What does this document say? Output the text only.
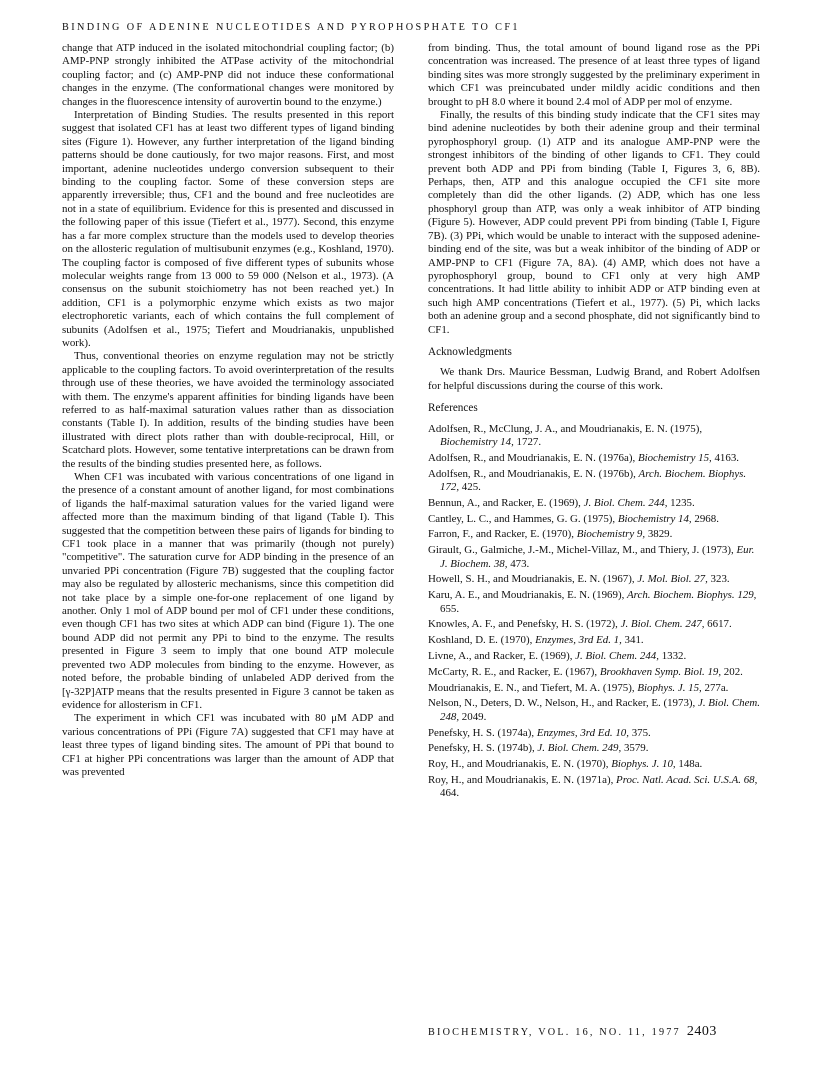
BINDING OF ADENINE NUCLEOTIDES AND PYROPHOSPHATE TO CF1

change that ATP induced in the isolated mitochondrial coupling factor; (b) AMP-PNP strongly inhibited the ATPase activity of the mitochondrial coupling factor; and (c) AMP-PNP did not induce these conformational changes in the enzyme. (The conformational changes were monitored by changes in the fluorescence intensity of aurovertin bound to the enzyme.)

Interpretation of Binding Studies. The results presented in this report suggest that isolated CF1 has at least two different types of ligand binding sites (Figure 1). However, any further interpretation of the ligand binding patterns should be done cautiously, for two major reasons. First, and most important, adenine nucleotides undergo conversion subsequent to their binding to the coupling factor. Some of these conversion steps are apparently irreversible; thus, CF1 and the bound and free nucleotides are not in a state of equilibrium. Evidence for this is presented and discussed in the following paper of this issue (Tiefert et al., 1977). Second, this enzyme has a far more complex structure than the models used to develop theories on the allosteric regulation of multisubunit enzymes (e.g., Koshland, 1970). The coupling factor is composed of five different types of subunits whose molecular weights range from 13 000 to 59 000 (Nelson et al., 1973). (A consensus on the subunit stoichiometry has not been reached yet.) In addition, CF1 is a polymorphic enzyme which exists as two major electrophoretic variants, each of which contains the full complement of subunits (Adolfsen et al., 1975; Tiefert and Moudrianakis, unpublished work).

Thus, conventional theories on enzyme regulation may not be strictly applicable to the coupling factors. To avoid overinterpretation of the results through use of these theories, we have avoided the terminology associated with them. The enzyme's apparent affinities for binding ligands have been referred to as half-maximal saturation values rather than as dissociation constants (Table I). In addition, results of the binding studies have been illustrated with direct plots rather than with double-reciprocal, Hill, or Scatchard plots. However, some tentative interpretations can be drawn from the results of the binding studies presented here, as follows.

When CF1 was incubated with various concentrations of one ligand in the presence of a constant amount of another ligand, for most combinations of ligands the half-maximal saturation values for the varied ligand were affected more than the maximum binding of that ligand (Table I). This suggested that the competition between these pairs of ligands for binding to CF1 took place in a manner that was primarily (though not purely) "competitive". The saturation curve for ADP binding in the presence of an unvaried PPi concentration (Figure 7B) suggested that the coupling factor may also be regulated by allosteric mechanisms, since this competition did not take place by a simple one-for-one replacement of one ligand by another. Only 1 mol of ADP bound per mol of CF1 under these conditions, even though CF1 has two sites at which ADP can bind (Figure 1). The one bound ADP did not permit any PPi to bind to the enzyme. The results presented in Figure 3 seem to imply that one bound ATP molecule prevented two ADP molecules from binding to the enzyme. However, as noted before, the probable binding of unlabeled ADP derived from the [γ-32P]ATP means that the results presented in Figure 3 cannot be taken as evidence for allosterism in CF1.

The experiment in which CF1 was incubated with 80 μM ADP and various concentrations of PPi (Figure 7A) suggested that CF1 may have at least three types of ligand binding sites. The amount of PPi that bound to CF1 at higher PPi concentrations was larger than the amount of ADP that was prevented

from binding. Thus, the total amount of bound ligand rose as the PPi concentration was increased. The presence of at least three types of ligand binding sites was more strongly suggested by the preliminary experiment in which CF1 was preincubated under mildly acidic conditions and then brought to pH 8.0 where it bound 2.4 mol of ADP per mol of enzyme.

Finally, the results of this binding study indicate that the CF1 sites may bind adenine nucleotides by both their adenine group and their terminal pyrophosphoryl group. (1) ATP and its analogue AMP-PNP were the strongest inhibitors of the binding of other ligands to CF1. They could prevent both ADP and PPi from binding (Table I, Figures 3, 6, 8B). Perhaps, then, ATP and this analogue occupied the CF1 site more completely than did the other ligands. (2) ADP, which has one less phosphoryl group than ATP, was only a weak inhibitor of ATP binding (Figure 5). However, ADP could prevent PPi from binding (Table I, Figure 7B). (3) PPi, which would be unable to interact with the supposed adenine-binding end of the site, was but a weak inhibitor of the binding of ADP or AMP-PNP to CF1 (Figure 7A, 8A). (4) AMP, which does not have a pyrophosphoryl group, bound to CF1 only at very high AMP concentrations. It had little ability to inhibit ADP or ATP binding even at such high AMP concentrations (Tiefert et al., 1977). (5) Pi, which lacks both an adenine group and a second phosphate, did not significantly bind to CF1.

Acknowledgments

We thank Drs. Maurice Bessman, Ludwig Brand, and Robert Adolfsen for helpful discussions during the course of this work.

References
Adolfsen, R., McClung, J. A., and Moudrianakis, E. N. (1975), Biochemistry 14, 1727.
Adolfsen, R., and Moudrianakis, E. N. (1976a), Biochemistry 15, 4163.
Adolfsen, R., and Moudrianakis, E. N. (1976b), Arch. Biochem. Biophys. 172, 425.
Bennun, A., and Racker, E. (1969), J. Biol. Chem. 244, 1235.
Cantley, L. C., and Hammes, G. G. (1975), Biochemistry 14, 2968.
Farron, F., and Racker, E. (1970), Biochemistry 9, 3829.
Girault, G., Galmiche, J.-M., Michel-Villaz, M., and Thiery, J. (1973), Eur. J. Biochem. 38, 473.
Howell, S. H., and Moudrianakis, E. N. (1967), J. Mol. Biol. 27, 323.
Karu, A. E., and Moudrianakis, E. N. (1969), Arch. Biochem. Biophys. 129, 655.
Knowles, A. F., and Penefsky, H. S. (1972), J. Biol. Chem. 247, 6617.
Koshland, D. E. (1970), Enzymes, 3rd Ed. 1, 341.
Livne, A., and Racker, E. (1969), J. Biol. Chem. 244, 1332.
McCarty, R. E., and Racker, E. (1967), Brookhaven Symp. Biol. 19, 202.
Moudrianakis, E. N., and Tiefert, M. A. (1975), Biophys. J. 15, 277a.
Nelson, N., Deters, D. W., Nelson, H., and Racker, E. (1973), J. Biol. Chem. 248, 2049.
Penefsky, H. S. (1974a), Enzymes, 3rd Ed. 10, 375.
Penefsky, H. S. (1974b), J. Biol. Chem. 249, 3579.
Roy, H., and Moudrianakis, E. N. (1970), Biophys. J. 10, 148a.
Roy, H., and Moudrianakis, E. N. (1971a), Proc. Natl. Acad. Sci. U.S.A. 68, 464.
BIOCHEMISTRY, VOL. 16, NO. 11, 1977 2403
